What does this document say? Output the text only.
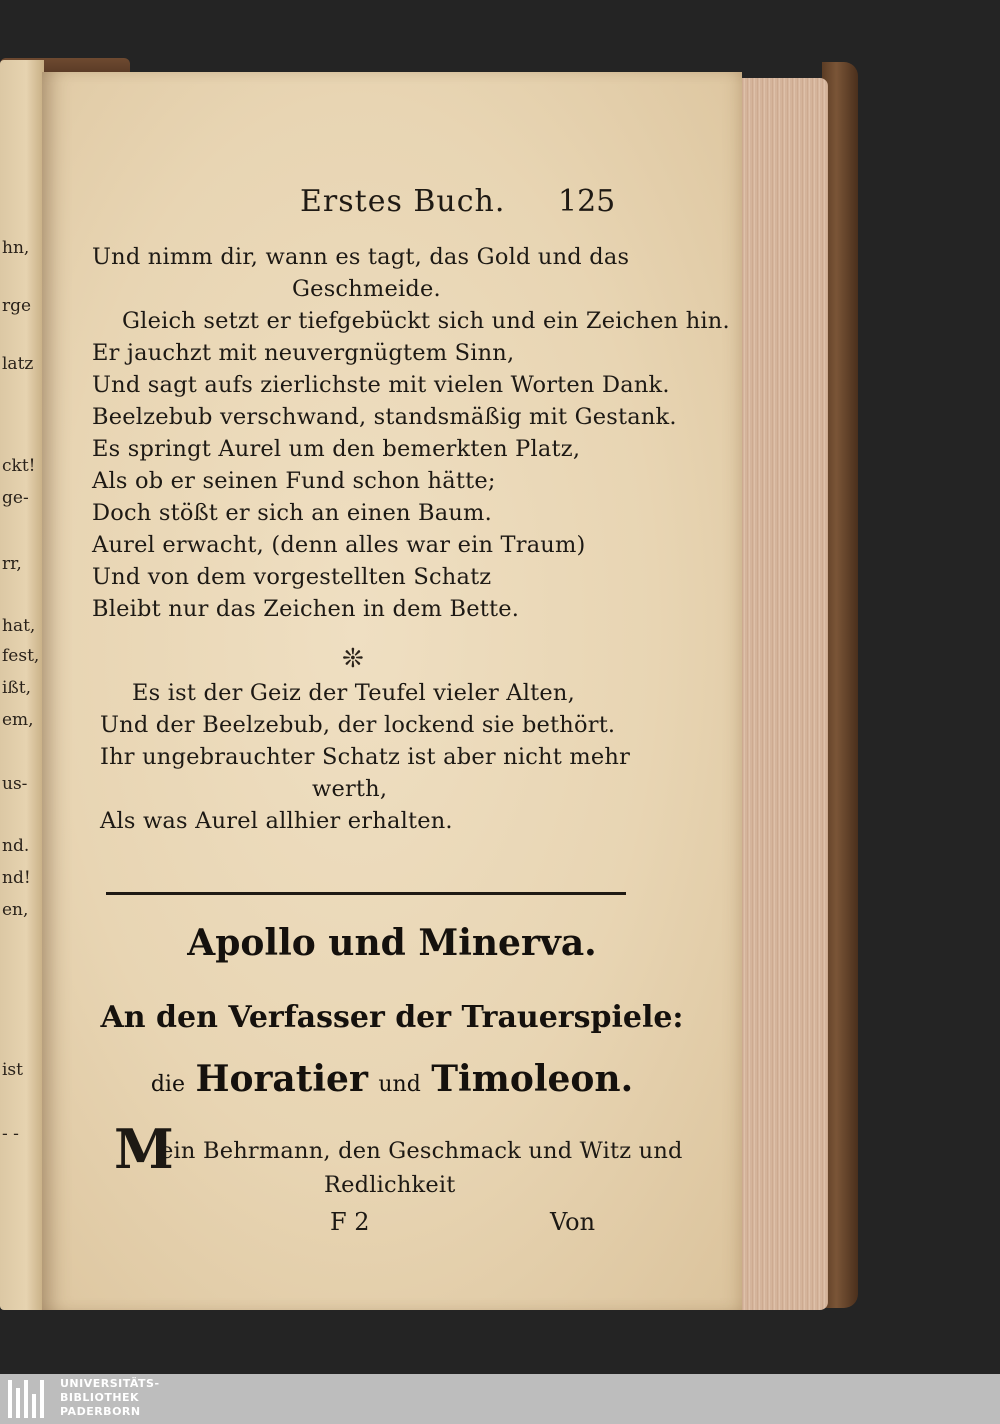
hn,
rge
latz
ckt!
ge-
rr,
hat,
fest,
ißt,
em,
us-
nd.
nd!
en,
ist
- -
Erstes Buch. 125
Und nimm dir, wann es tagt, das Gold und das
Geschmeide.
Gleich setzt er tiefgebückt sich und ein Zeichen hin.
Er jauchzt mit neuvergnügtem Sinn,
Und sagt aufs zierlichste mit vielen Worten Dank.
Beelzebub verschwand, standsmäßig mit Gestank.
Es springt Aurel um den bemerkten Platz,
Als ob er seinen Fund schon hätte;
Doch stößt er sich an einen Baum.
Aurel erwacht, (denn alles war ein Traum)
Und von dem vorgestellten Schatz
Bleibt nur das Zeichen in dem Bette.
❊
Es ist der Geiz der Teufel vieler Alten,
Und der Beelzebub, der lockend sie bethört.
Ihr ungebrauchter Schatz ist aber nicht mehr
werth,
Als was Aurel allhier erhalten.
Apollo und Minerva.
An den Verfasser der Trauerspiele:
die Horatier und Timoleon.
M
ein Behrmann, den Geschmack und Witz und
Redlichkeit
F 2	Von
UNIVERSITÄTS-
BIBLIOTHEK
PADERBORN
